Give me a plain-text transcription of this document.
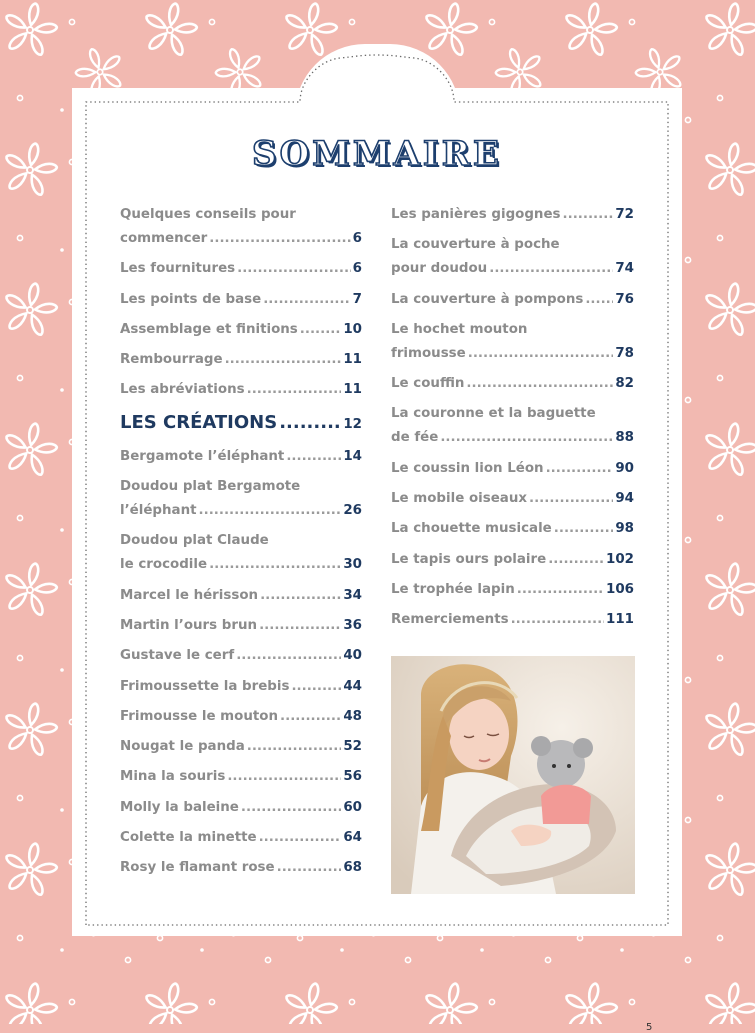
SOMMAIRE
Quelques conseils pour
commencer .....	6
Les fournitures .....	6
Les points de base .....	7
Assemblage et finitions .....	10
Rembourrage .....	11
Les abréviations .....	11
LES CRÉATIONS .....	12
Bergamote l’éléphant .....	14
Doudou plat Bergamote
l’éléphant .....	26
Doudou plat Claude
le crocodile .....	30
Marcel le hérisson .....	34
Martin l’ours brun .....	36
Gustave le cerf .....	40
Frimoussette la brebis .....	44
Frimousse le mouton .....	48
Nougat le panda .....	52
Mina la souris .....	56
Molly la baleine .....	60
Colette la minette .....	64
Rosy le flamant rose .....	68
Les panières gigognes .....	72
La couverture à poche
pour doudou .....	74
La couverture à pompons ..... 76
Le hochet mouton
frimousse .....	78
Le couffin .....	82
La couronne et la baguette
de fée .....	88
Le coussin lion Léon .....	90
Le mobile oiseaux .....	94
La chouette musicale .....	98
Le tapis ours polaire .....	102
Le trophée lapin .....	106
Remerciements .....	111
5
